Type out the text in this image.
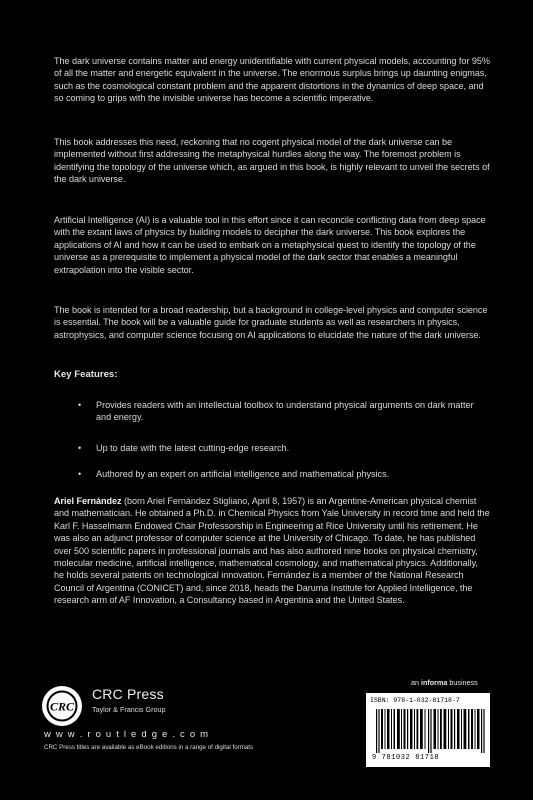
The dark universe contains matter and energy unidentifiable with current physical models, accounting for 95% of all the matter and energetic equivalent in the universe. The enormous surplus brings up daunting enigmas, such as the cosmological constant problem and the apparent distortions in the dynamics of deep space, and so coming to grips with the invisible universe has become a scientific imperative.

This book addresses this need, reckoning that no cogent physical model of the dark universe can be implemented without first addressing the metaphysical hurdles along the way. The foremost problem is identifying the topology of the universe which, as argued in this book, is highly relevant to unveil the secrets of the dark universe.

Artificial Intelligence (AI) is a valuable tool in this effort since it can reconcile conflicting data from deep space with the extant laws of physics by building models to decipher the dark universe. This book explores the applications of AI and how it can be used to embark on a metaphysical quest to identify the topology of the universe as a prerequisite to implement a physical model of the dark sector that enables a meaningful extrapolation into the visible sector.

The book is intended for a broad readership, but a background in college-level physics and computer science is essential. The book will be a valuable guide for graduate students as well as researchers in physics, astrophysics, and computer science focusing on AI applications to elucidate the nature of the dark universe.

Key Features:
• Provides readers with an intellectual toolbox to understand physical arguments on dark matter and energy.
• Up to date with the latest cutting-edge research.
• Authored by an expert on artificial intelligence and mathematical physics.

Ariel Fernández (born Ariel Fernández Stigliano, April 8, 1957) is an Argentine-American physical chemist and mathematician. He obtained a Ph.D. in Chemical Physics from Yale University in record time and held the Karl F. Hasselmann Endowed Chair Professorship in Engineering at Rice University until his retirement. He was also an adjunct professor of computer science at the University of Chicago. To date, he has published over 500 scientific papers in professional journals and has also authored nine books on physical chemistry, molecular medicine, artificial intelligence, mathematical cosmology, and mathematical physics. Additionally, he holds several patents on technological innovation. Fernández is a member of the National Research Council of Argentina (CONICET) and, since 2018, heads the Daruma Institute for Applied Intelligence, the research arm of AF Innovation, a Consultancy based in Argentina and the United States.

an informa business
CRC
CRC Press
Taylor & Francis Group
w w w . r o u t l e d g e . c o m
CRC Press titles are available as eBook editions in a range of digital formats
ISBN: 978-1-032-81718-7
9 781032 81718
